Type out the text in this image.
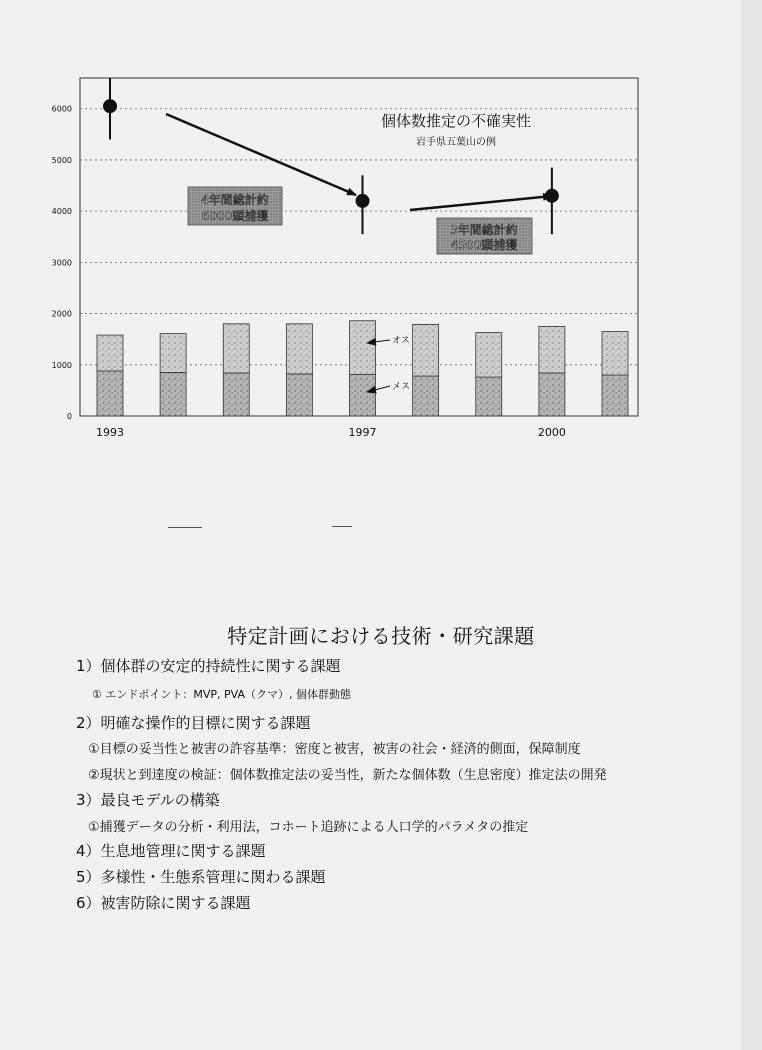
0
1000
2000
3000
4000
5000
6000
1993	1997	2000
個体数推定の不確実性
岩手県五葉山の例
4年間総計約
6000頭捕獲
3年間総計約
4500頭捕獲
オス
メス
特定計画における技術・研究課題
1）個体群の安定的持続性に関する課題
① エンドポイント：MVP, PVA（クマ）, 個体群動態
2）明確な操作的目標に関する課題
①目標の妥当性と被害の許容基準：密度と被害，被害の社会・経済的側面，保障制度
②現状と到達度の検証：個体数推定法の妥当性，新たな個体数（生息密度）推定法の開発
3）最良モデルの構築
①捕獲データの分析・利用法，コホート追跡による人口学的パラメタの推定
4）生息地管理に関する課題
5）多様性・生態系管理に関わる課題
6）被害防除に関する課題
